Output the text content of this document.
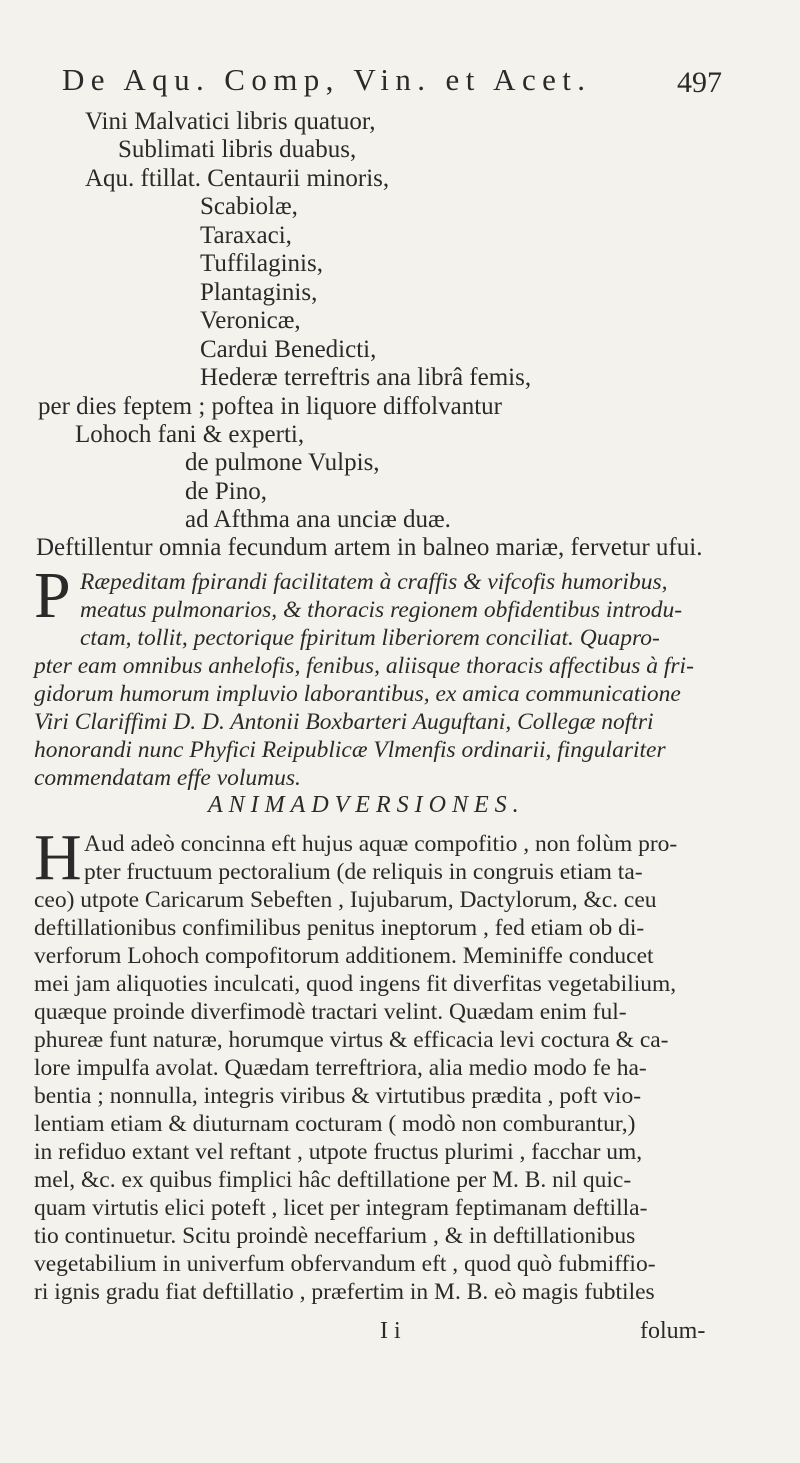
De Aqu. Comp, Vin. et Acet.	497
Vini Malvatici libris quatuor,
Sublimati libris duabus,
Aqu. ftillat. Centaurii minoris,
Scabiolæ,
Taraxaci,
Tuffilaginis,
Plantaginis,
Veronicæ,
Cardui Benedicti,
Hederæ terreftris ana librâ femis,
per dies feptem ; poftea in liquore diffolvantur
Lohoch fani & experti,
de pulmone Vulpis,
de Pino,
ad Afthma ana unciæ duæ.
Deftillentur omnia fecundum artem in balneo mariæ, fervetur ufui.
P Ræpeditam fpirandi facilitatem à craffis & vifcofis humoribus,
meatus pulmonarios, & thoracis regionem obfidentibus introdu-
ctam, tollit, pectorique fpiritum liberiorem conciliat. Quapro-
pter eam omnibus anhelofis, fenibus, aliisque thoracis affectibus à fri-
gidorum humorum impluvio laborantibus, ex amica communicatione
Viri Clariffimi D. D. Antonii Boxbarteri Auguftani, Collegæ noftri
honorandi nunc Phyfici Reipublicæ Vlmenfis ordinarii, fingulariter
commendatam effe volumus.
ANIMADVERSIONES.
H Aud adeò concinna eft hujus aquæ compofitio , non folùm pro-
pter fructuum pectoralium (de reliquis in congruis etiam ta-
ceo) utpote Caricarum Sebeften , Iujubarum, Dactylorum, &c. ceu
deftillationibus confimilibus penitus ineptorum , fed etiam ob di-
verforum Lohoch compofitorum additionem. Meminiffe conducet
mei jam aliquoties inculcati, quod ingens fit diverfitas vegetabilium,
quæque proinde diverfimodè tractari velint. Quædam enim ful-
phureæ funt naturæ, horumque virtus & efficacia levi coctura & ca-
lore impulfa avolat. Quædam terreftriora, alia medio modo fe ha-
bentia ; nonnulla, integris viribus & virtutibus prædita , poft vio-
lentiam etiam & diuturnam cocturam ( modò non comburantur,)
in refiduo extant vel reftant , utpote fructus plurimi , facchar um,
mel, &c. ex quibus fimplici hâc deftillatione per M. B. nil quic-
quam virtutis elici poteft , licet per integram feptimanam deftilla-
tio continuetur. Scitu proindè neceffarium , & in deftillationibus
vegetabilium in univerfum obfervandum eft , quod quò fubmiffio-
ri ignis gradu fiat deftillatio , præfertim in M. B. eò magis fubtiles
I i	folum-
